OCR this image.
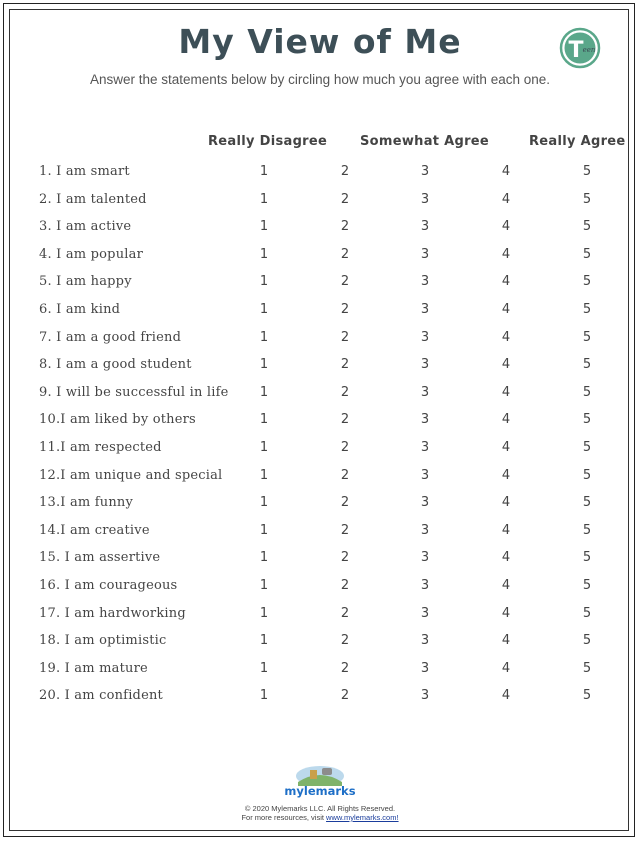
My View of Me	T een
Answer the statements below by circling how much you agree with each one.
Really Disagree	Somewhat Agree	Really Agree
1. I am smart	1	2	3	4	5
2. I am talented	1	2	3	4	5
3. I am active	1	2	3	4	5
4. I am popular	1	2	3	4	5
5. I am happy	1	2	3	4	5
6. I am kind	1	2	3	4	5
7. I am a good friend	1	2	3	4	5
8. I am a good student	1	2	3	4	5
9. I will be successful in life	1	2	3	4	5
10.I am liked by others	1	2	3	4	5
11.I am respected	1	2	3	4	5
12.I am unique and special	1	2	3	4	5
13.I am funny	1	2	3	4	5
14.I am creative	1	2	3	4	5
15. I am assertive	1	2	3	4	5
16. I am courageous	1	2	3	4	5
17. I am hardworking	1	2	3	4	5
18. I am optimistic	1	2	3	4	5
19. I am mature	1	2	3	4	5
20. I am confident	1	2	3	4	5
mylemarks
© 2020 Mylemarks LLC. All Rights Reserved.
For more resources, visit www.mylemarks.com!
